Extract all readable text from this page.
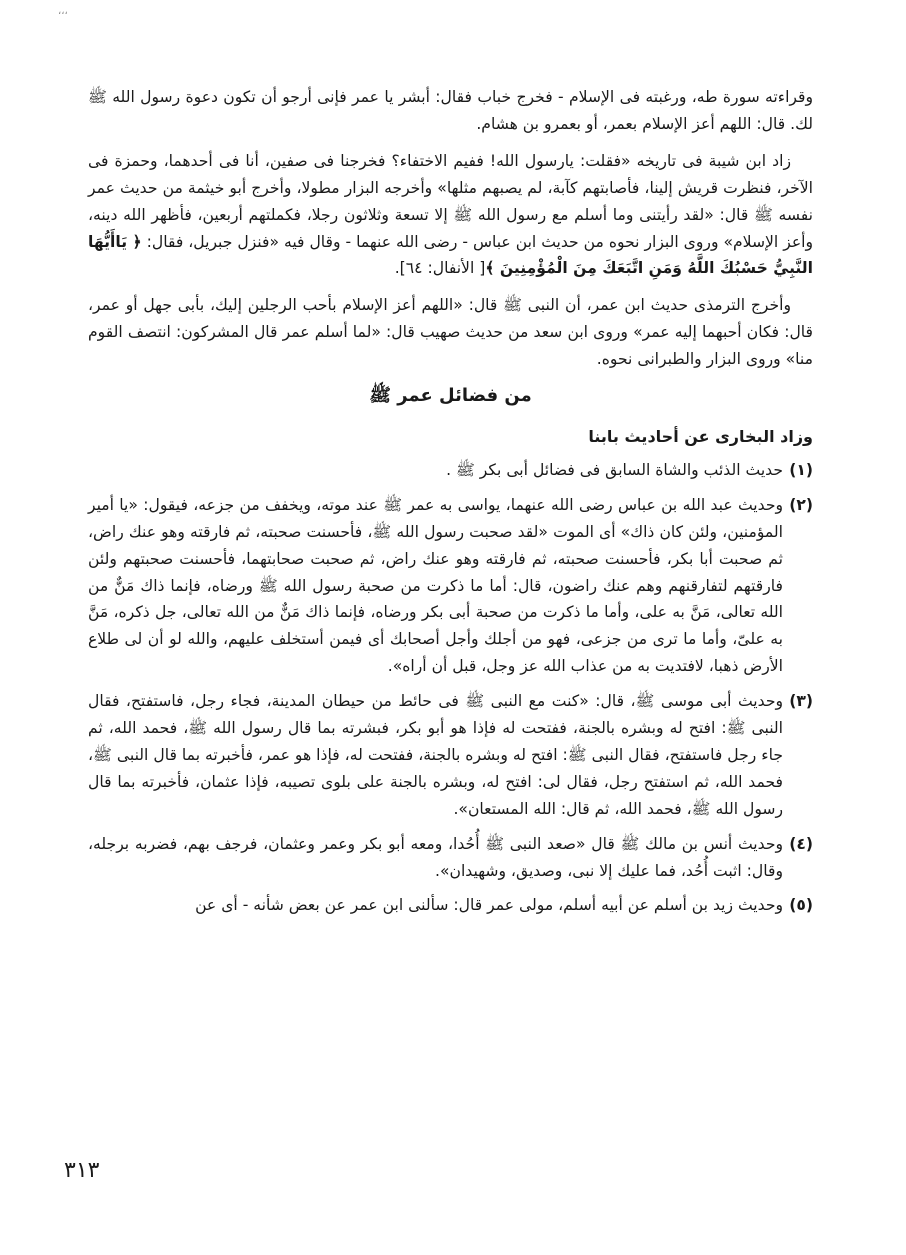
،،،

وقراءته سورة طه، ورغبته فى الإسلام - فخرج خباب فقال: أبشر يا عمر فإنى أرجو أن تكون دعوة رسول الله ﷺ لك. قال: اللهم أعز الإسلام بعمر، أو بعمرو بن هشام.

زاد ابن شيبة فى تاريخه «فقلت: يارسول الله! ففيم الاختفاء؟ فخرجنا فى صفين، أنا فى أحدهما، وحمزة فى الآخر، فنظرت قريش إلينا، فأصابتهم كآبة، لم يصبهم مثلها» وأخرجه البزار مطولا، وأخرج أبو خيثمة من حديث عمر نفسه ﷺ قال: «لقد رأيتنى وما أسلم مع رسول الله ﷺ إلا تسعة وثلاثون رجلا، فكملتهم أربعين، فأظهر الله دينه، وأعز الإسلام» وروى البزار نحوه من حديث ابن عباس - رضى الله عنهما - وقال فيه «فنزل جبريل، فقال: ﴿ يَاأَيُّهَا النَّبِيُّ حَسْبُكَ اللَّهُ وَمَنِ اتَّبَعَكَ مِنَ الْمُؤْمِنِينَ ﴾[ الأنفال: ٦٤].

وأخرج الترمذى حديث ابن عمر، أن النبى ﷺ قال: «اللهم أعز الإسلام بأحب الرجلين إليك، بأبى جهل أو عمر، قال: فكان أحبهما إليه عمر» وروى ابن سعد من حديث صهيب قال: «لما أسلم عمر قال المشركون: انتصف القوم منا» وروى البزار والطبرانى نحوه.

من فضائل عمر ﷺ
وزاد البخارى عن أحاديث بابنا
(١)
حديث الذئب والشاة السابق فى فضائل أبى بكر ﷺ .
(٢)
وحديث عبد الله بن عباس رضى الله عنهما، يواسى به عمر ﷺ عند موته، ويخفف من جزعه، فيقول: «يا أمير المؤمنين، ولئن كان ذاك» أى الموت «لقد صحبت رسول الله ﷺ، فأحسنت صحبته، ثم فارقته وهو عنك راض، ثم صحبت أبا بكر، فأحسنت صحبته، ثم فارقته وهو عنك راض، ثم صحبت صحابتهما، فأحسنت صحبتهم ولئن فارقتهم لتفارقنهم وهم عنك راضون، قال: أما ما ذكرت من صحبة رسول الله ﷺ ورضاه، فإنما ذاك مَنٌّ من الله تعالى، مَنَّ به على، وأما ما ذكرت من صحبة أبى بكر ورضاه، فإنما ذاك مَنٌّ من الله تعالى، جل ذكره، مَنَّ به علىّ، وأما ما ترى من جزعى، فهو من أجلك وأجل أصحابك أى فيمن أستخلف عليهم، والله لو أن لى طلاع الأرض ذهبا، لافتديت به من عذاب الله عز وجل، قبل أن أراه».
(٣)
وحديث أبى موسى ﷺ، قال: «كنت مع النبى ﷺ فى حائط من حيطان المدينة، فجاء رجل، فاستفتح، فقال النبى ﷺ: افتح له وبشره بالجنة، ففتحت له فإذا هو أبو بكر، فبشرته بما قال رسول الله ﷺ، فحمد الله، ثم جاء رجل فاستفتح، فقال النبى ﷺ: افتح له وبشره بالجنة، ففتحت له، فإذا هو عمر، فأخبرته بما قال النبى ﷺ، فحمد الله، ثم استفتح رجل، فقال لى: افتح له، وبشره بالجنة على بلوى تصيبه، فإذا عثمان، فأخبرته بما قال رسول الله ﷺ، فحمد الله، ثم قال: الله المستعان».
(٤)
وحديث أنس بن مالك ﷺ قال «صعد النبى ﷺ أُحُدا، ومعه أبو بكر وعمر وعثمان، فرجف بهم، فضربه برجله، وقال: اثبت أُحُد، فما عليك إلا نبى، وصديق، وشهيدان».
(٥)
وحديث زيد بن أسلم عن أبيه أسلم، مولى عمر قال: سألنى ابن عمر عن بعض شأنه - أى عن
٣١٣
